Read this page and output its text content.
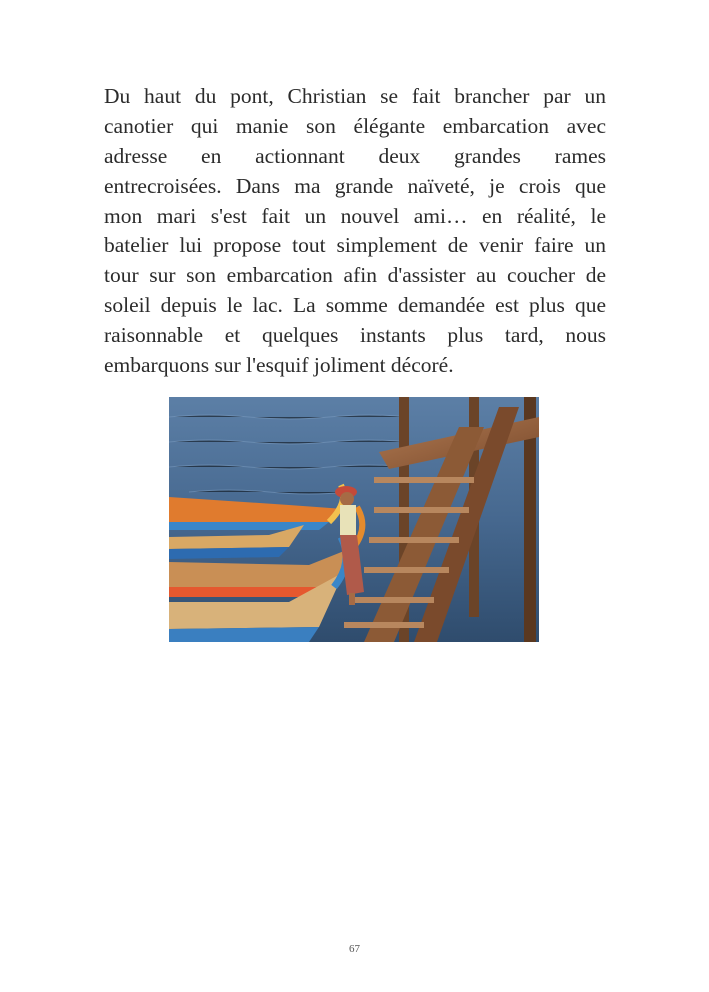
Du haut du pont, Christian se fait brancher par un
canotier qui manie son élégante embarcation avec
adresse en actionnant deux grandes rames
entrecroisées. Dans ma grande naïveté, je crois que
mon mari s'est fait un nouvel ami… en réalité, le
batelier lui propose tout simplement de venir faire un
tour sur son embarcation afin d'assister au coucher de
soleil depuis le lac. La somme demandée est plus que
raisonnable et quelques instants plus tard, nous
embarquons sur l'esquif joliment décoré.
67
